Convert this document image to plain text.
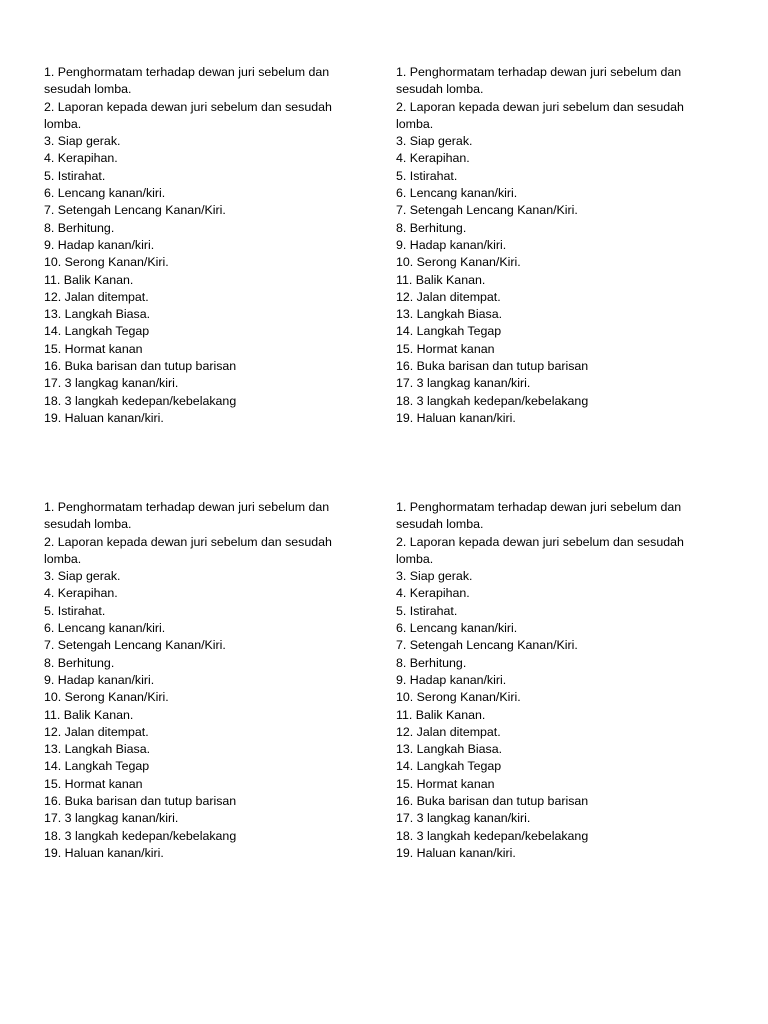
1. Penghormatam terhadap dewan juri sebelum dan sesudah lomba.
2. Laporan kepada dewan juri sebelum dan sesudah lomba.
3. Siap gerak.
4. Kerapihan.
5. Istirahat.
6. Lencang kanan/kiri.
7. Setengah Lencang Kanan/Kiri.
8. Berhitung.
9. Hadap kanan/kiri.
10. Serong Kanan/Kiri.
11. Balik Kanan.
12. Jalan ditempat.
13. Langkah Biasa.
14. Langkah Tegap
15. Hormat kanan
16. Buka barisan dan tutup barisan
17. 3 langkag kanan/kiri.
18. 3 langkah kedepan/kebelakang
19. Haluan kanan/kiri.
1. Penghormatam terhadap dewan juri sebelum dan sesudah lomba.
2. Laporan kepada dewan juri sebelum dan sesudah lomba.
3. Siap gerak.
4. Kerapihan.
5. Istirahat.
6. Lencang kanan/kiri.
7. Setengah Lencang Kanan/Kiri.
8. Berhitung.
9. Hadap kanan/kiri.
10. Serong Kanan/Kiri.
11. Balik Kanan.
12. Jalan ditempat.
13. Langkah Biasa.
14. Langkah Tegap
15. Hormat kanan
16. Buka barisan dan tutup barisan
17. 3 langkag kanan/kiri.
18. 3 langkah kedepan/kebelakang
19. Haluan kanan/kiri.
1. Penghormatam terhadap dewan juri sebelum dan sesudah lomba.
2. Laporan kepada dewan juri sebelum dan sesudah lomba.
3. Siap gerak.
4. Kerapihan.
5. Istirahat.
6. Lencang kanan/kiri.
7. Setengah Lencang Kanan/Kiri.
8. Berhitung.
9. Hadap kanan/kiri.
10. Serong Kanan/Kiri.
11. Balik Kanan.
12. Jalan ditempat.
13. Langkah Biasa.
14. Langkah Tegap
15. Hormat kanan
16. Buka barisan dan tutup barisan
17. 3 langkag kanan/kiri.
18. 3 langkah kedepan/kebelakang
19. Haluan kanan/kiri.
1. Penghormatam terhadap dewan juri sebelum dan sesudah lomba.
2. Laporan kepada dewan juri sebelum dan sesudah lomba.
3. Siap gerak.
4. Kerapihan.
5. Istirahat.
6. Lencang kanan/kiri.
7. Setengah Lencang Kanan/Kiri.
8. Berhitung.
9. Hadap kanan/kiri.
10. Serong Kanan/Kiri.
11. Balik Kanan.
12. Jalan ditempat.
13. Langkah Biasa.
14. Langkah Tegap
15. Hormat kanan
16. Buka barisan dan tutup barisan
17. 3 langkag kanan/kiri.
18. 3 langkah kedepan/kebelakang
19. Haluan kanan/kiri.
